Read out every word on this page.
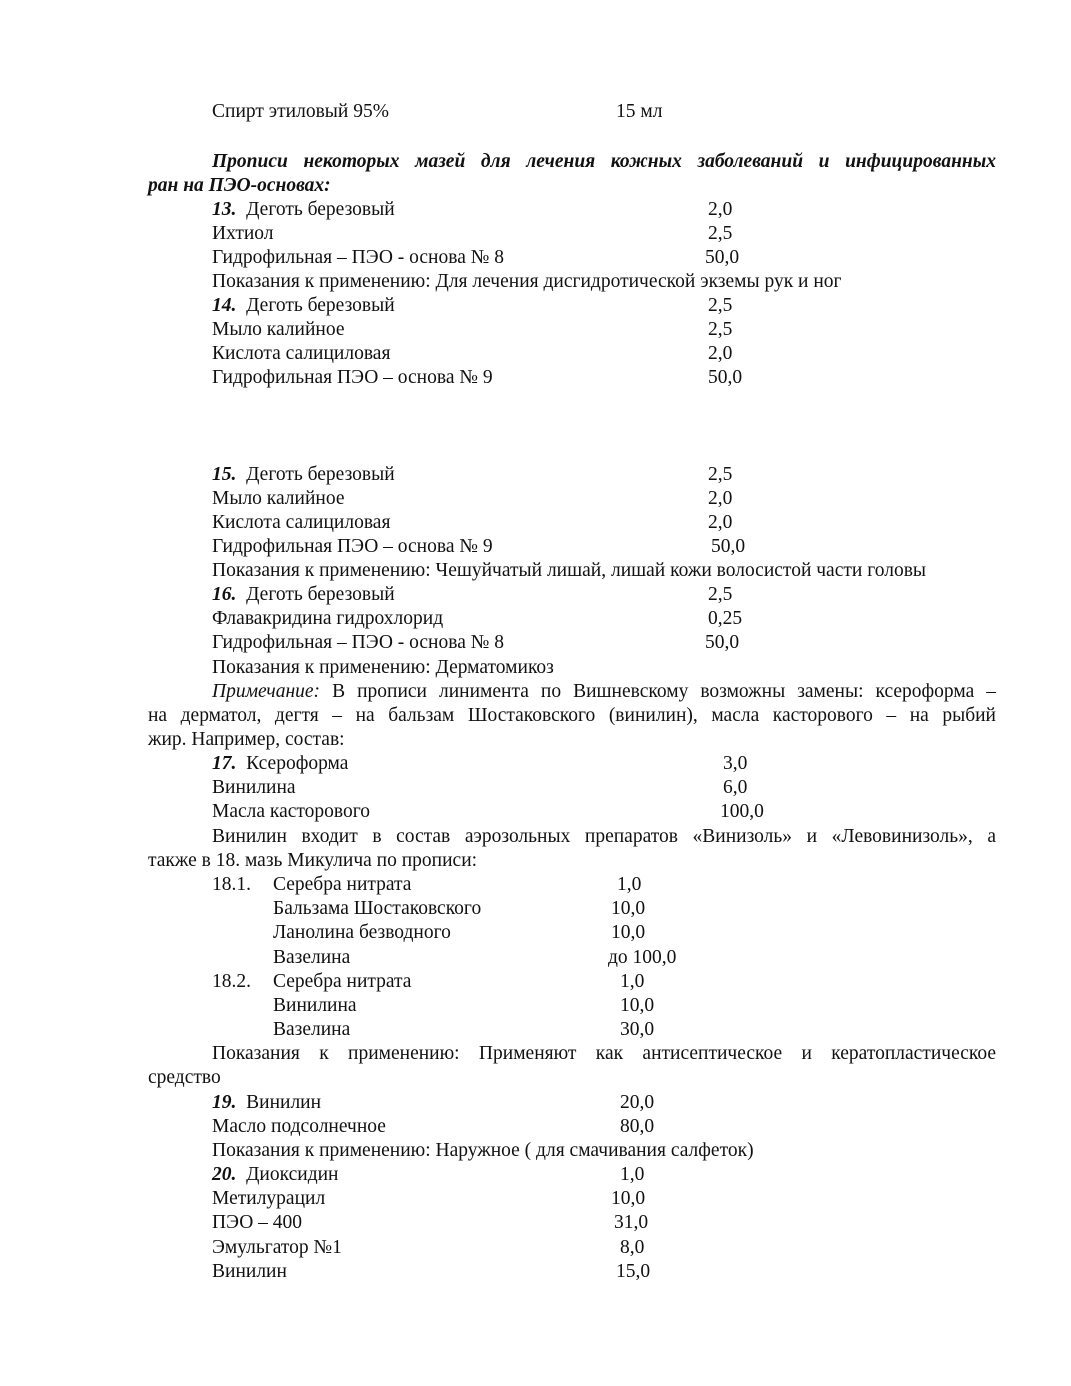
Спирт этиловый 95%	15 мл
Прописи некоторых мазей для лечения кожных заболеваний и инфицированных
ран на ПЭО-основах:
13. Деготь березовый	2,0
Ихтиол	2,5
Гидрофильная – ПЭО - основа № 8	50,0
Показания к применению: Для лечения дисгидротической экземы рук и ног
14. Деготь березовый	2,5
Мыло калийное	2,5
Кислота салициловая	2,0
Гидрофильная ПЭО – основа № 9	50,0
15. Деготь березовый	2,5
Мыло калийное	2,0
Кислота салициловая	2,0
Гидрофильная ПЭО – основа № 9	50,0
Показания к применению: Чешуйчатый лишай, лишай кожи волосистой части головы
16. Деготь березовый	2,5
Флавакридина гидрохлорид	0,25
Гидрофильная – ПЭО - основа № 8	50,0
Показания к применению: Дерматомикоз
Примечание: В прописи линимента по Вишневскому возможны замены: ксероформа –
на дерматол, дегтя – на бальзам Шостаковского (винилин), масла касторового – на рыбий
жир. Например, состав:
17. Ксероформа	3,0
Винилина	6,0
Масла касторового	100,0
Винилин входит в состав аэрозольных препаратов «Винизоль» и «Левовинизоль», а
также в 18. мазь Микулича по прописи:
18.1. Серебра нитрата	1,0
Бальзама Шостаковского	10,0
Ланолина безводного	10,0
Вазелина	до 100,0
18.2. Серебра нитрата	1,0
Винилина	10,0
Вазелина	30,0
Показания к применению: Применяют как антисептическое и кератопластическое
средство
19. Винилин	20,0
Масло подсолнечное	80,0
Показания к применению: Наружное ( для смачивания салфеток)
20. Диоксидин	1,0
Метилурацил	10,0
ПЭО – 400	31,0
Эмульгатор №1	8,0
Винилин	15,0
